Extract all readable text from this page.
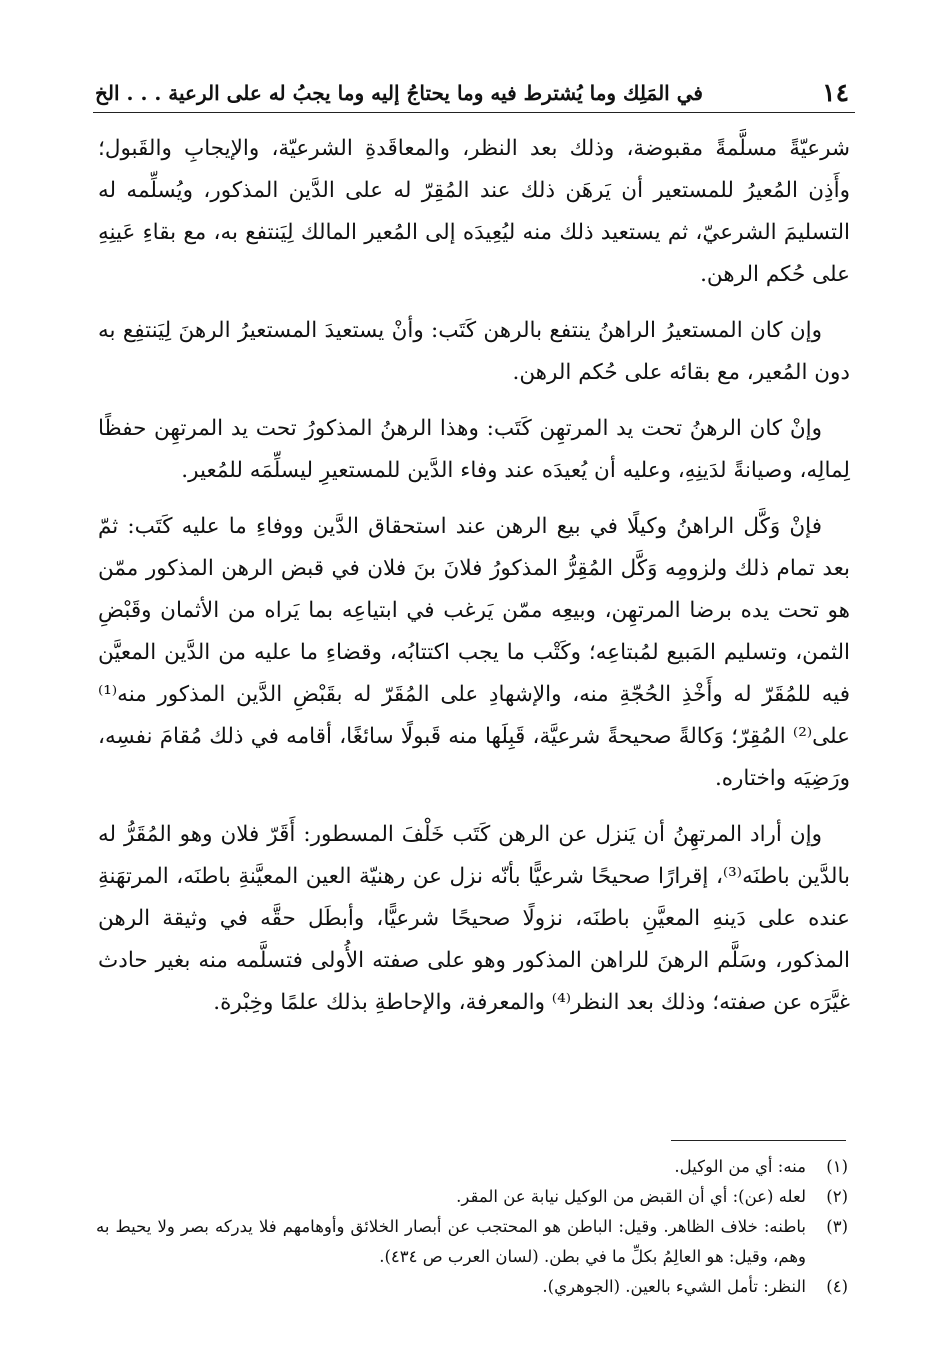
١٤
في المَلِك وما يُشترط فيه وما يحتاجُ إليه وما يجبُ له على الرعية . . . الخ

شرعيّةً مسلَّمةً مقبوضة، وذلك بعد النظر، والمعاقَدةِ الشرعيّة، والإيجابِ والقَبول؛ وأَذِن المُعيرُ للمستعير أن يَرهَن ذلك عند المُقِرّ له على الدَّين المذكور، ويُسلِّمه له التسليمَ الشرعيّ، ثم يستعيد ذلك منه ليُعِيدَه إلى المُعير المالك لِيَنتفع به، مع بقاءِ عَينِهِ على حُكم الرهن.

وإن كان المستعيرُ الراهنُ ينتفع بالرهن كَتَب: وأنْ يستعيدَ المستعيرُ الرهنَ لِيَنتفِع به دون المُعير، مع بقائه على حُكم الرهن.

وإنْ كان الرهنُ تحت يد المرتهِن كَتَب: وهذا الرهنُ المذكورُ تحت يد المرتهِن حفظًا لِمالِه، وصيانةً لدَينِهِ، وعليه أن يُعيدَه عند وفاء الدَّين للمستعيرِ ليسلِّمَه للمُعير.

فإنْ وَكَّل الراهنُ وكيلًا في بيع الرهن عند استحقاق الدَّين ووفاءِ ما عليه كَتَب: ثمّ بعد تمام ذلك ولزومِه وَكَّل المُقِرُّ المذكورُ فلانَ بنَ فلان في قبض الرهن المذكور ممّن هو تحت يده برضا المرتهِن، وبيعِه ممّن يَرغب في ابتياعِه بما يَراه من الأثمان وقَبْضِ الثمن، وتسليم المَبيع لمُبتاعِه؛ وكَتْب ما يجب اكتتابُه، وقضاءِ ما عليه من الدَّين المعيَّن فيه للمُقَرّ له وأَخْذِ الحُجّةِ منه، والإشهادِ على المُقَرّ له بقَبْضِ الدَّين المذكور منه⁽¹⁾ على⁽²⁾ المُقِرّ؛ وَكالةً صحيحةً شرعيَّة، قَبِلَها منه قَبولًا سائغًا، أقامه في ذلك مُقامَ نفسِه، ورَضِيَه واختاره.

وإن أراد المرتهِنُ أن يَنزل عن الرهن كَتَب خَلْفَ المسطور: أَقَرّ فلان وهو المُقَرُّ له بالدَّين باطنَه⁽³⁾، إقرارًا صحيحًا شرعيًّا بأنّه نزل عن رهنيّة العين المعيَّنةِ باطنَه، المرتهَنةِ عنده على دَينهِ المعيَّنِ باطنَه، نزولًا صحيحًا شرعيًّا، وأبطَل حقَّه في وثيقة الرهن المذكور، وسَلَّم الرهنَ للراهن المذكور وهو على صفته الأُولى فتسلَّمه منه بغير حادث غيَّرَه عن صفته؛ وذلك بعد النظر⁽⁴⁾ والمعرفة، والإحاطةِ بذلك علمًا وخِبْرة.

(١)
منه: أي من الوكيل.
(٢)
لعله (عن): أي أن القبض من الوكيل نيابة عن المقر.
(٣)
باطنه: خلاف الظاهر. وقيل: الباطن هو المحتجب عن أبصار الخلائق وأوهامهم فلا يدركه بصر ولا يحيط به وهم، وقيل: هو العالِمُ بكلِّ ما في بطن. (لسان العرب ص ٤٣٤).
(٤)
النظر: تأمل الشيء بالعين. (الجوهري).
